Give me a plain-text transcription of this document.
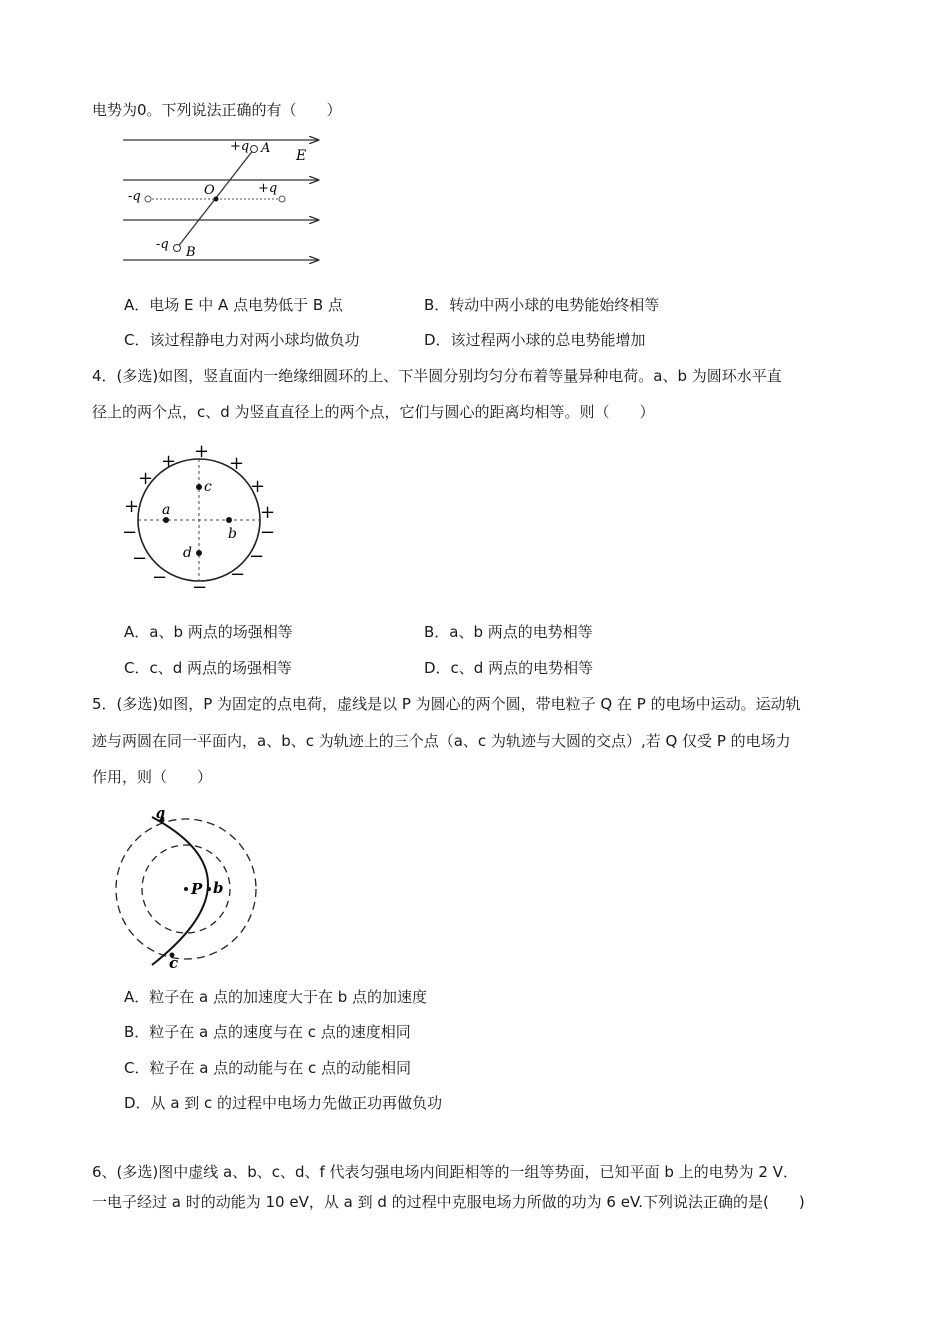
电势为0。下列说法正确的有（　　）
+q A E
-q	O	+q
-q
B
A．电场 E 中 A 点电势低于 B 点	B．转动中两小球的电势能始终相等
C．该过程静电力对两小球均做负功	D．该过程两小球的总电势能增加
4．(多选)如图，竖直面内一绝缘细圆环的上、下半圆分别均匀分布着等量异种电荷。a、b 为圆环水平直
径上的两个点，c、d 为竖直直径上的两个点，它们与圆心的距离均相等。则（　　）
a
b
c
d
+
+	+
+	+
+	+
−	−
−	−
−	−
−
A．a、b 两点的场强相等	B．a、b 两点的电势相等
C．c、d 两点的场强相等	D．c、d 两点的电势相等
5．(多选)如图，P 为固定的点电荷，虚线是以 P 为圆心的两个圆，带电粒子 Q 在 P 的电场中运动。运动轨
迹与两圆在同一平面内，a、b、c 为轨迹上的三个点（a、c 为轨迹与大圆的交点）,若 Q 仅受 P 的电场力
作用，则（　　）
a
P b
c
A．粒子在 a 点的加速度大于在 b 点的加速度
B．粒子在 a 点的速度与在 c 点的速度相同
C．粒子在 a 点的动能与在 c 点的动能相同
D．从 a 到 c 的过程中电场力先做正功再做负功
6、(多选)图中虚线 a、b、c、d、f 代表匀强电场内间距相等的一组等势面，已知平面 b 上的电势为 2 V．
一电子经过 a 时的动能为 10 eV，从 a 到 d 的过程中克服电场力所做的功为 6 eV.下列说法正确的是(　　)
